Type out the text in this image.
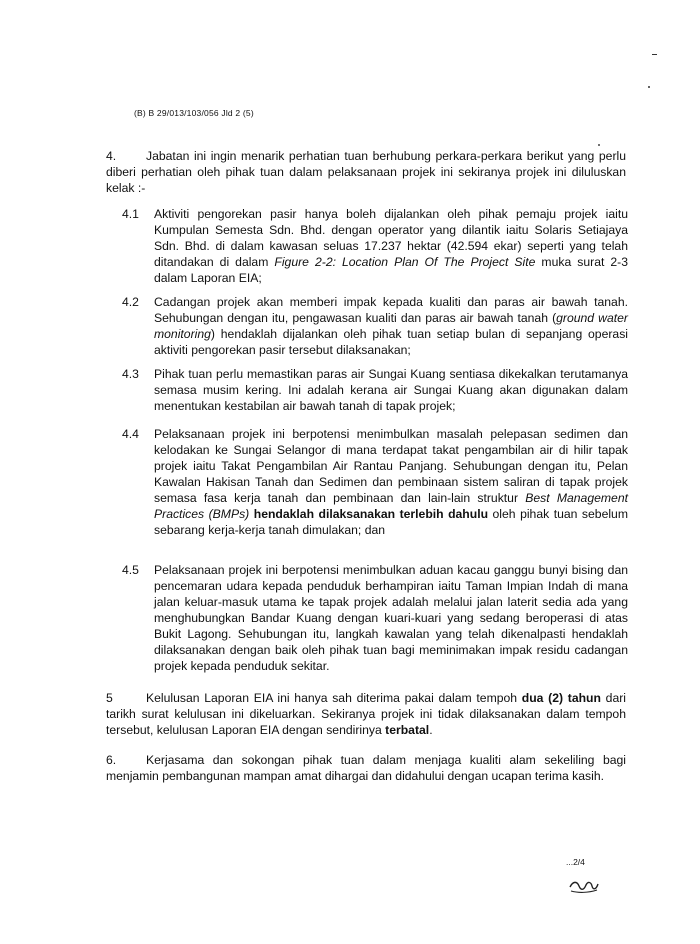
(B) B 29/013/103/056 Jld 2 (5)
4. Jabatan ini ingin menarik perhatian tuan berhubung perkara-perkara berikut yang perlu diberi perhatian oleh pihak tuan dalam pelaksanaan projek ini sekiranya projek ini diluluskan kelak :-
4.1 Aktiviti pengorekan pasir hanya boleh dijalankan oleh pihak pemaju projek iaitu Kumpulan Semesta Sdn. Bhd. dengan operator yang dilantik iaitu Solaris Setiajaya Sdn. Bhd. di dalam kawasan seluas 17.237 hektar (42.594 ekar) seperti yang telah ditandakan di dalam Figure 2-2: Location Plan Of The Project Site muka surat 2-3 dalam Laporan EIA;
4.2 Cadangan projek akan memberi impak kepada kualiti dan paras air bawah tanah. Sehubungan dengan itu, pengawasan kualiti dan paras air bawah tanah (ground water monitoring) hendaklah dijalankan oleh pihak tuan setiap bulan di sepanjang operasi aktiviti pengorekan pasir tersebut dilaksanakan;
4.3 Pihak tuan perlu memastikan paras air Sungai Kuang sentiasa dikekalkan terutamanya semasa musim kering. Ini adalah kerana air Sungai Kuang akan digunakan dalam menentukan kestabilan air bawah tanah di tapak projek;
4.4 Pelaksanaan projek ini berpotensi menimbulkan masalah pelepasan sedimen dan kelodakan ke Sungai Selangor di mana terdapat takat pengambilan air di hilir tapak projek iaitu Takat Pengambilan Air Rantau Panjang. Sehubungan dengan itu, Pelan Kawalan Hakisan Tanah dan Sedimen dan pembinaan sistem saliran di tapak projek semasa fasa kerja tanah dan pembinaan dan lain-lain struktur Best Management Practices (BMPs) hendaklah dilaksanakan terlebih dahulu oleh pihak tuan sebelum sebarang kerja-kerja tanah dimulakan; dan
4.5 Pelaksanaan projek ini berpotensi menimbulkan aduan kacau ganggu bunyi bising dan pencemaran udara kepada penduduk berhampiran iaitu Taman Impian Indah di mana jalan keluar-masuk utama ke tapak projek adalah melalui jalan laterit sedia ada yang menghubungkan Bandar Kuang dengan kuari-kuari yang sedang beroperasi di atas Bukit Lagong. Sehubungan itu, langkah kawalan yang telah dikenalpasti hendaklah dilaksanakan dengan baik oleh pihak tuan bagi meminimakan impak residu cadangan projek kepada penduduk sekitar.
5	Kelulusan Laporan EIA ini hanya sah diterima pakai dalam tempoh dua (2) tahun dari tarikh surat kelulusan ini dikeluarkan. Sekiranya projek ini tidak dilaksanakan dalam tempoh tersebut, kelulusan Laporan EIA dengan sendirinya terbatal.
6. Kerjasama dan sokongan pihak tuan dalam menjaga kualiti alam sekeliling bagi menjamin pembangunan mampan amat dihargai dan didahului dengan ucapan terima kasih.
...2/4
